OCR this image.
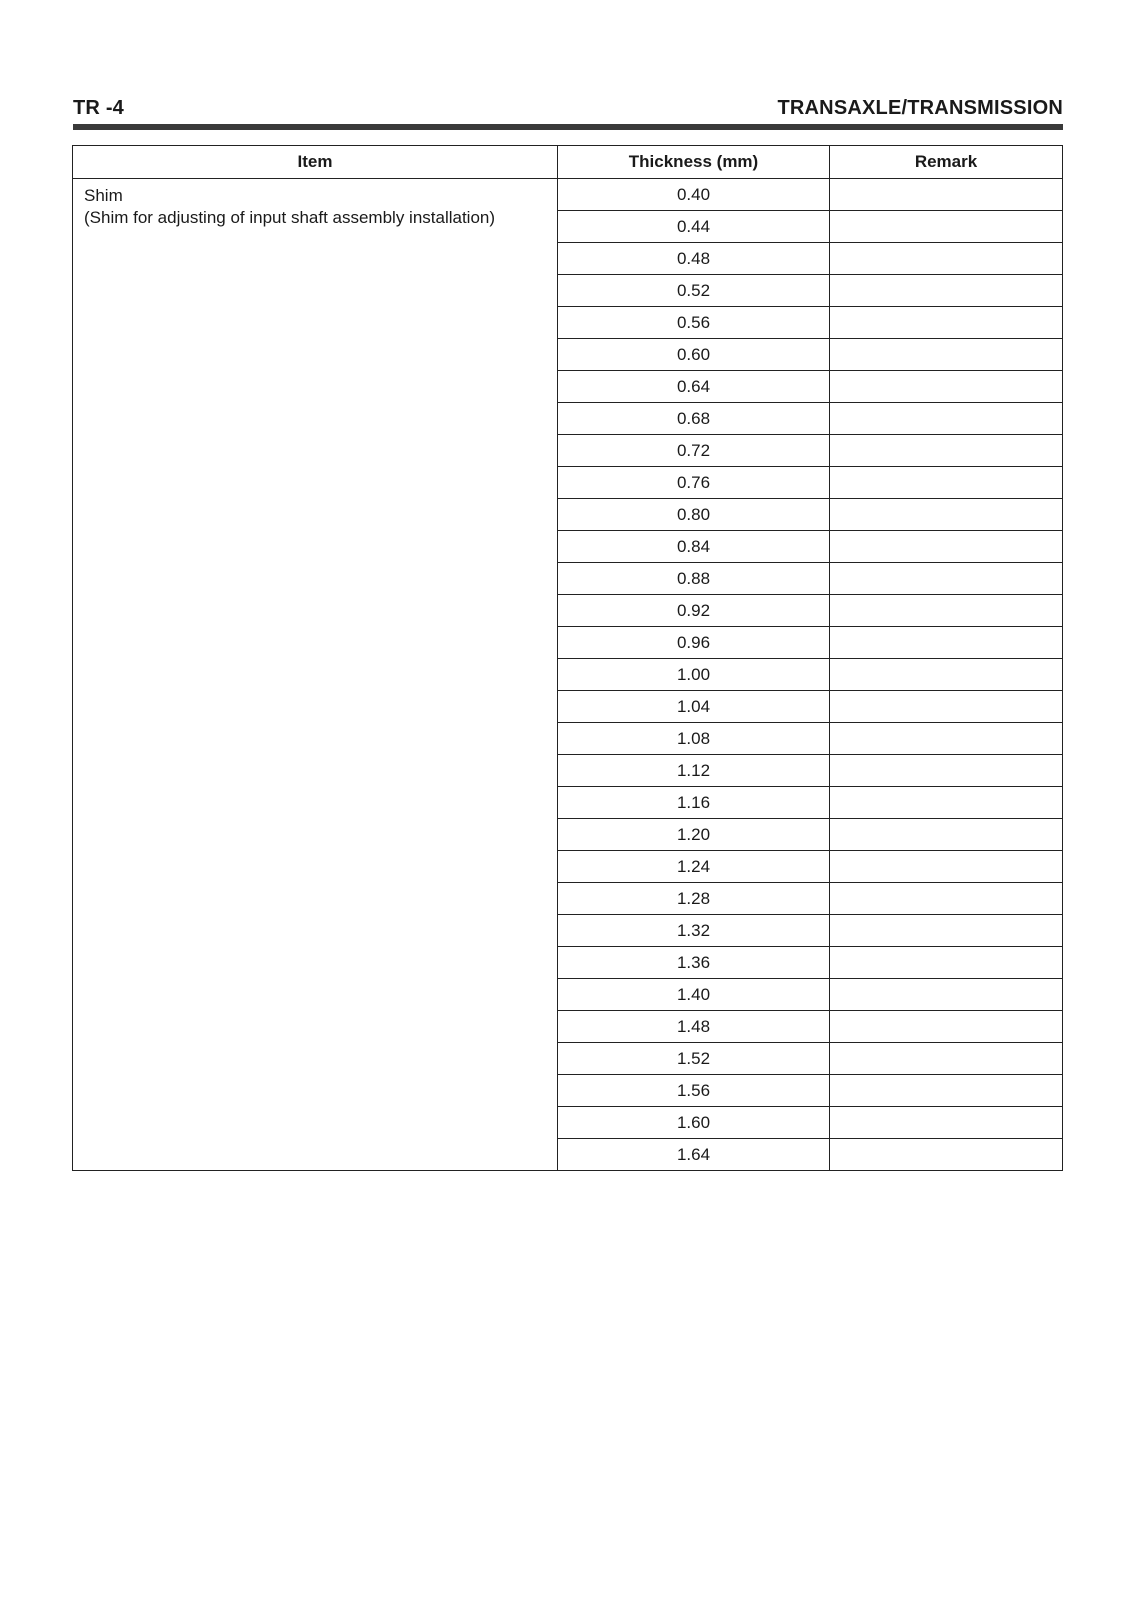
TR -4	TRANSAXLE/TRANSMISSION
Item	Thickness (mm)	Remark

Shim
(Shim for adjusting of input shaft assembly installation)	0.40	
	0.44	
	0.48	
	0.52	
	0.56	
	0.60	
	0.64	
	0.68	
	0.72	
	0.76	
	0.80	
	0.84	
	0.88	
	0.92	
	0.96	
	1.00	
	1.04	
	1.08	
	1.12	
	1.16	
	1.20	
	1.24	
	1.28	
	1.32	
	1.36	
	1.40	
	1.48	
	1.52	
	1.56	
	1.60	
	1.64	
